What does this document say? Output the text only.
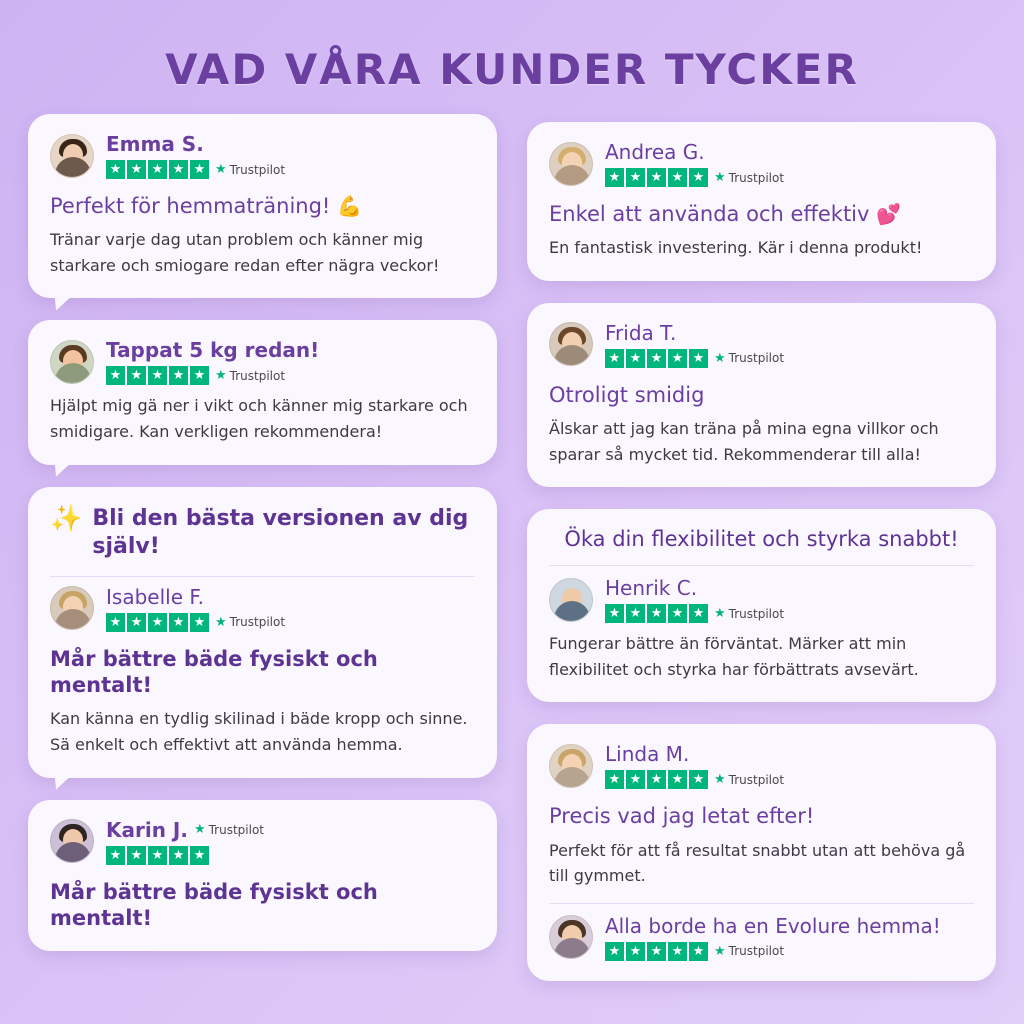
VAD VÅRA KUNDER TYCKER
Emma S.
★ ★ ★ ★ ★ ★ Trustpilot
Perfekt för hemmaträning! 💪
Tränar varje dag utan problem och känner mig starkare och smiogare redan efter nägra veckor!
Tappat 5 kg redan!
★ ★ ★ ★ ★ ★ Trustpilot
Hjälpt mig gä ner i vikt och känner mig starkare och smidigare. Kan verkligen rekommendera!
✨ Bli den bästa versionen av dig själv!
Isabelle F.
★ ★ ★ ★ ★ ★ Trustpilot
Mår bättre bäde fysiskt och mentalt!
Kan känna en tydlig skilinad i bäde kropp och sinne. Sä enkelt och effektivt att använda hemma.
Karin J. ★ Trustpilot
★ ★ ★ ★ ★
Mår bättre bäde fysiskt och mentalt!
Andrea G.
★ ★ ★ ★ ★ ★ Trustpilot
Enkel att använda och effektiv 💕
En fantastisk investering. Kär i denna produkt!
Frida T.
★ ★ ★ ★ ★ ★ Trustpilot
Otroligt smidig
Älskar att jag kan träna på mina egna villkor och sparar så mycket tid. Rekommenderar till alla!
Öka din flexibilitet och styrka snabbt!
Henrik C.
★ ★ ★ ★ ★ ★ Trustpilot
Fungerar bättre än förväntat. Märker att min flexibilitet och styrka har förbättrats avsevärt.
Linda M.
★ ★ ★ ★ ★ ★ Trustpilot
Precis vad jag letat efter!
Perfekt för att få resultat snabbt utan att behöva gå till gymmet.
Alla borde ha en Evolure hemma!
★ ★ ★ ★ ★ ★ Trustpilot
